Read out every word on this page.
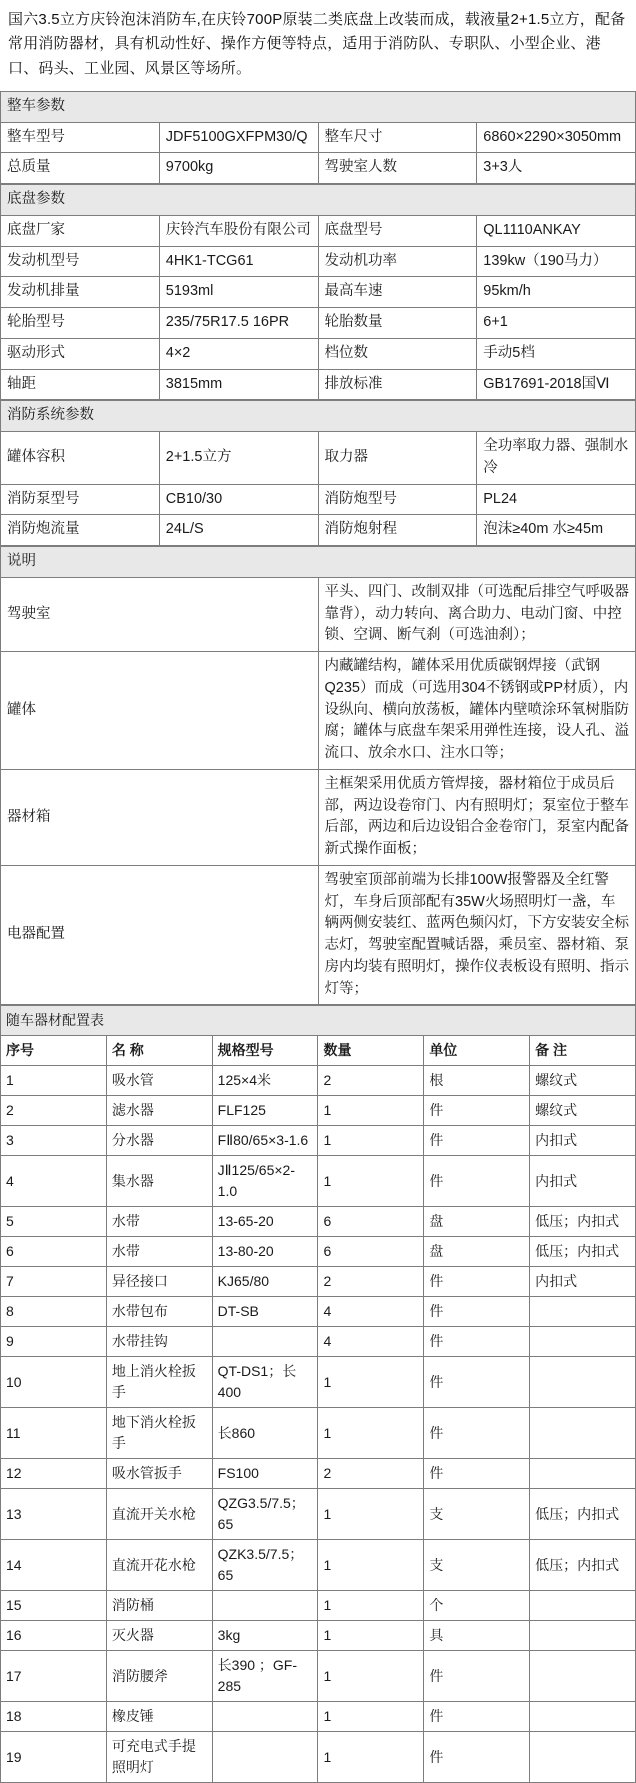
国六3.5立方庆铃泡沫消防车,在庆铃700P原装二类底盘上改装而成，载液量2+1.5立方，配备常用消防器材，具有机动性好、操作方便等特点，适用于消防队、专职队、小型企业、港口、码头、工业园、风景区等场所。
整车参数			
整车型号	JDF5100GXFPM30/Q	整车尺寸	6860×2290×3050mm
总质量	9700kg	驾驶室人数	3+3人
底盘参数			
底盘厂家	庆铃汽车股份有限公司	底盘型号	QL1110ANKAY
发动机型号	4HK1-TCG61	发动机功率	139kw（190马力）
发动机排量	5193ml	最高车速	95km/h
轮胎型号	235/75R17.5 16PR	轮胎数量	6+1
驱动形式	4×2	档位数	手动5档
轴距	3815mm	排放标准	GB17691-2018国Ⅵ
消防系统参数			
罐体容积	2+1.5立方	取力器	全功率取力器、强制水冷
消防泵型号	CB10/30	消防炮型号	PL24
消防炮流量	24L/S	消防炮射程	泡沫≥40m 水≥45m
说明	
驾驶室	平头、四门、改制双排（可选配后排空气呼吸器靠背），动力转向、离合助力、电动门窗、中控锁、空调、断气刹（可选油刹）；
罐体	内藏罐结构，罐体采用优质碳钢焊接（武钢Q235）而成（可选用304不锈钢或PP材质），内设纵向、横向放荡板，罐体内壁喷涂环氧树脂防腐；罐体与底盘车架采用弹性连接，设人孔、溢流口、放余水口、注水口等；
器材箱	主框架采用优质方管焊接，器材箱位于成员后部，两边设卷帘门、内有照明灯；泵室位于整车后部，两边和后边设铝合金卷帘门，泵室内配备新式操作面板；
电器配置	驾驶室顶部前端为长排100W报警器及全红警灯，车身后顶部配有35W火场照明灯一盏，车辆两侧安装红、蓝两色频闪灯，下方安装安全标志灯，驾驶室配置喊话器，乘员室、器材箱、泵房内均装有照明灯，操作仪表板设有照明、指示灯等；
随车器材配置表					
序号	名 称	规格型号	数量	单位	备 注
1	吸水管	125×4米	2	根	螺纹式
2	滤水器	FLF125	1	件	螺纹式
3	分水器	FⅡ80/65×3-1.6	1	件	内扣式
4	集水器	JⅡ125/65×2-1.0	1	件	内扣式
5	水带	13-65-20	6	盘	低压；内扣式
6	水带	13-80-20	6	盘	低压；内扣式
7	异径接口	KJ65/80	2	件	内扣式
8	水带包布	DT-SB	4	件	
9	水带挂钩		4	件	
10	地上消火栓扳手	QT-DS1；长400	1	件	
11	地下消火栓扳手	长860	1	件	
12	吸水管扳手	FS100	2	件	
13	直流开关水枪	QZG3.5/7.5；65	1	支	低压；内扣式
14	直流开花水枪	QZK3.5/7.5；65	1	支	低压；内扣式
15	消防桶		1	个	
16	灭火器	3kg	1	具	
17	消防腰斧	长390 ；GF-285	1	件	
18	橡皮锤		1	件	
19	可充电式手提照明灯		1	件	
